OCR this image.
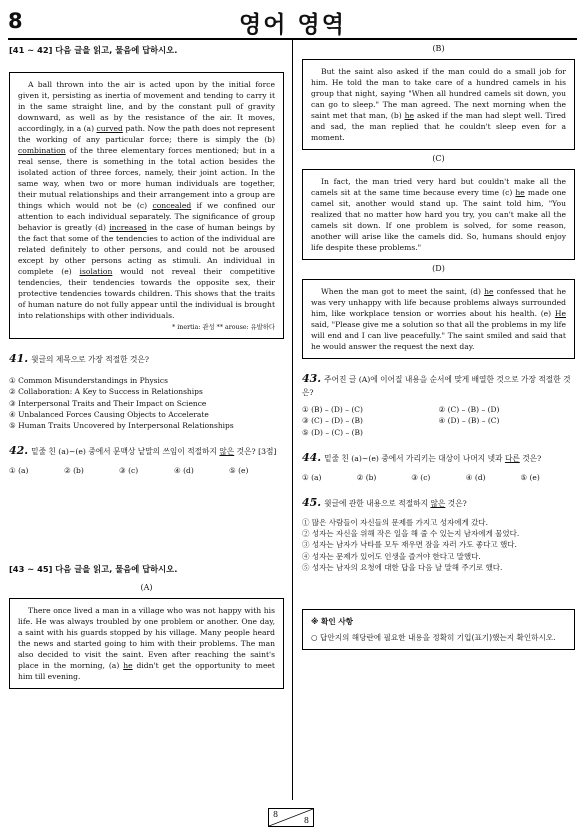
8	영어 영역

[41 ~ 42] 다음 글을 읽고, 물음에 답하시오.

A ball thrown into the air is acted upon by the initial force given it, persisting as inertia of movement and tending to carry it in the same straight line, and by the constant pull of gravity downward, as well as by the resistance of the air. It moves, accordingly, in a (a) curved path. Now the path does not represent the working of any particular force; there is simply the (b) combination of the three elementary forces mentioned; but in a real sense, there is something in the total action besides the isolated action of three forces, namely, their joint action. In the same way, when two or more human individuals are together, their mutual relationships and their arrangement into a group are things which would not be (c) concealed if we confined our attention to each individual separately. The significance of group behavior is greatly (d) increased in the case of human beings by the fact that some of the tendencies to action of the individual are related definitely to other persons, and could not be aroused except by other persons acting as stimuli. An individual in complete (e) isolation would not reveal their competitive tendencies, their tendencies towards the opposite sex, their protective tendencies towards children. This shows that the traits of human nature do not fully appear until the individual is brought into relationships with other individuals.

* inertia: 관성 ** arouse: 유발하다
41. 윗글의 제목으로 가장 적절한 것은?
① Common Misunderstandings in Physics
② Collaboration: A Key to Success in Relationships
③ Interpersonal Traits and Their Impact on Science
④ Unbalanced Forces Causing Objects to Accelerate
⑤ Human Traits Uncovered by Interpersonal Relationships
42. 밑줄 친 (a)~(e) 중에서 문맥상 낱말의 쓰임이 적절하지 않은 것은? [3점]
① (a)	② (b)	③ (c)	④ (d)	⑤ (e)

[43 ~ 45] 다음 글을 읽고, 물음에 답하시오.

(A)

There once lived a man in a village who was not happy with his life. He was always troubled by one problem or another. One day, a saint with his guards stopped by his village. Many people heard the news and started going to him with their problems. The man also decided to visit the saint. Even after reaching the saint's place in the morning, (a) he didn't get the opportunity to meet him till evening.

(B)

But the saint also asked if the man could do a small job for him. He told the man to take care of a hundred camels in his group that night, saying "When all hundred camels sit down, you can go to sleep." The man agreed. The next morning when the saint met that man, (b) he asked if the man had slept well. Tired and sad, the man replied that he couldn't sleep even for a moment.

(C)

In fact, the man tried very hard but couldn't make all the camels sit at the same time because every time (c) he made one camel sit, another would stand up. The saint told him, "You realized that no matter how hard you try, you can't make all the camels sit down. If one problem is solved, for some reason, another will arise like the camels did. So, humans should enjoy life despite these problems."

(D)

When the man got to meet the saint, (d) he confessed that he was very unhappy with life because problems always surrounded him, like workplace tension or worries about his health. (e) He said, "Please give me a solution so that all the problems in my life will end and I can live peacefully." The saint smiled and said that he would answer the request the next day.

43. 주어진 글 (A)에 이어질 내용을 순서에 맞게 배열한 것으로 가장 적절한 것은?
① (B) – (D) – (C)	② (C) – (B) – (D)
③ (C) – (D) – (B)	④ (D) – (B) – (C)
⑤ (D) – (C) – (B)
44. 밑줄 친 (a)~(e) 중에서 가리키는 대상이 나머지 넷과 다른 것은?
① (a)	② (b)	③ (c)	④ (d)	⑤ (e)
45. 윗글에 관한 내용으로 적절하지 않은 것은?
① 많은 사람들이 자신들의 문제를 가지고 성자에게 갔다.
② 성자는 자신을 위해 작은 일을 해 줄 수 있는지 남자에게 물었다.
③ 성자는 남자가 낙타를 모두 재우면 잠을 자러 가도 좋다고 했다.
④ 성자는 문제가 있어도 인생을 즐겨야 한다고 말했다.
⑤ 성자는 남자의 요청에 대한 답을 다음 날 말해 주기로 했다.
※ 확인 사항
○ 답안지의 해당란에 필요한 내용을 정확히 기입(표기)했는지 확인하시오.
8
8
